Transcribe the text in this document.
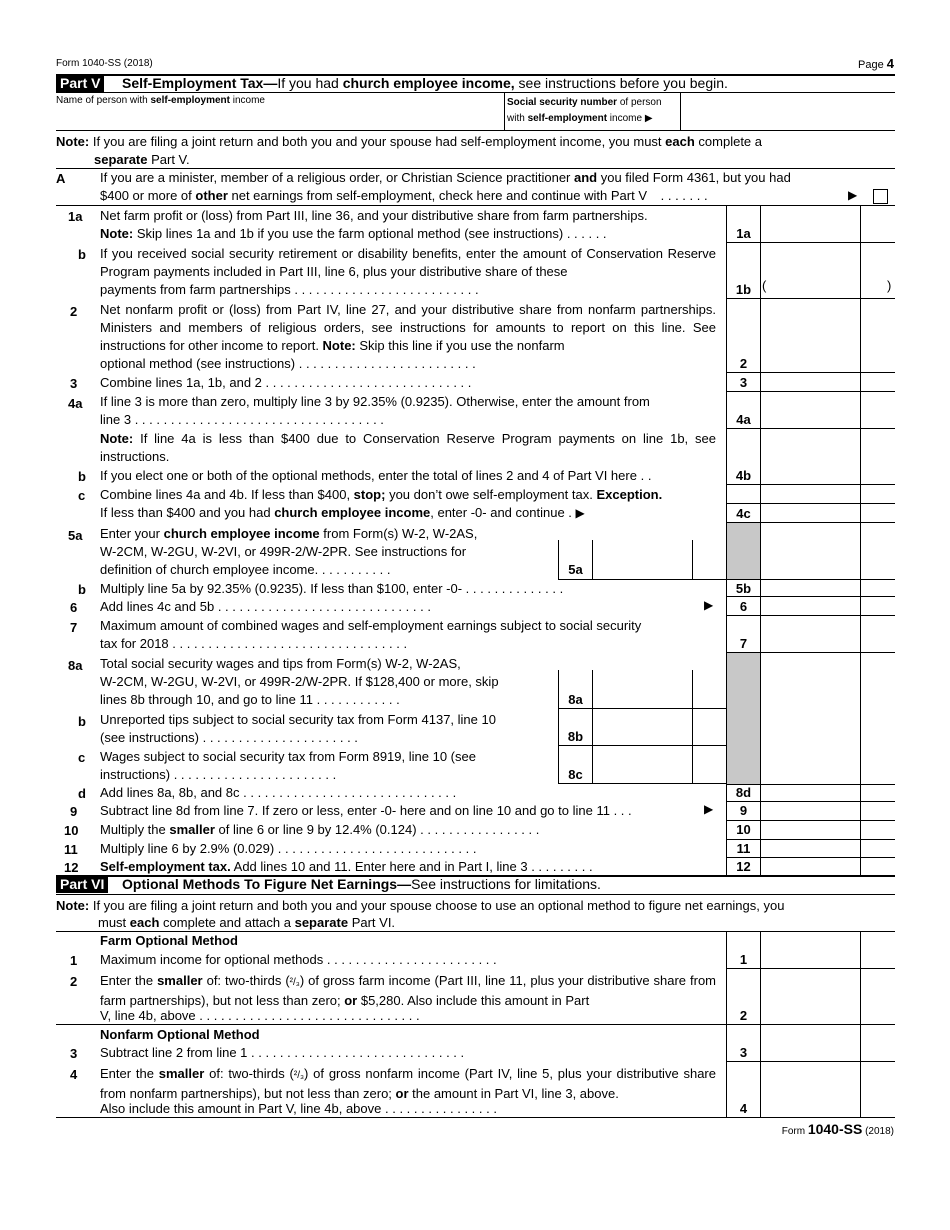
Form 1040-SS (2018)	Page 4
Part V Self-Employment Tax—If you had church employee income, see instructions before you begin.
Name of person with self-employment income	Social security number of person
with self-employment income ▶
Note: If you are filing a joint return and both you and your spouse had self-employment income, you must each complete a
separate Part V.
A	If you are a minister, member of a religious order, or Christian Science practitioner and you filed Form 4361, but you had
$400 or more of other net earnings from self-employment, check here and continue with Part V . . . . . . .	▶
1a Net farm profit or (loss) from Part III, line 36, and your distributive share from farm partnerships.
Note: Skip lines 1a and 1b if you use the farm optional method (see instructions) . . . . . .	1a
b If you received social security retirement or disability benefits, enter the amount of Conservation Reserve Program payments included in Part III, line 6, plus your distributive share of these
payments from farm partnerships . . . . . . . . . . . . . . . . . . . . . . . . . .	1b (	)
2 Net nonfarm profit or (loss) from Part IV, line 27, and your distributive share from nonfarm partnerships. Ministers and members of religious orders, see instructions for amounts to report on this line. See instructions for other income to report. Note: Skip this line if you use the nonfarm
optional method (see instructions) . . . . . . . . . . . . . . . . . . . . . . . . .	2
3 Combine lines 1a, 1b, and 2 . . . . . . . . . . . . . . . . . . . . . . . . . . . . .	3
4a If line 3 is more than zero, multiply line 3 by 92.35% (0.9235). Otherwise, enter the amount from
line 3 . . . . . . . . . . . . . . . . . . . . . . . . . . . . . . . . . . .	4a
Note: If line 4a is less than $400 due to Conservation Reserve Program payments on line 1b, see instructions.
b If you elect one or both of the optional methods, enter the total of lines 2 and 4 of Part VI here . .	4b
c Combine lines 4a and 4b. If less than $400, stop; you don’t owe self-employment tax. Exception.
If less than $400 and you had church employee income, enter -0- and continue . ▶	4c
5a Enter your church employee income from Form(s) W-2, W-2AS,
W-2CM, W-2GU, W-2VI, or 499R-2/W-2PR. See instructions for
definition of church employee income. . . . . . . . . . .	5a
b Multiply line 5a by 92.35% (0.9235). If less than $100, enter -0- . . . . . . . . . . . . . .	5b
6 Add lines 4c and 5b . . . . . . . . . . . . . . . . . . . . . . . . . . . . . .	▶	6
7 Maximum amount of combined wages and self-employment earnings subject to social security
tax for 2018 . . . . . . . . . . . . . . . . . . . . . . . . . . . . . . . . .	7
8a Total social security wages and tips from Form(s) W-2, W-2AS,
W-2CM, W-2GU, W-2VI, or 499R-2/W-2PR. If $128,400 or more, skip
lines 8b through 10, and go to line 11 . . . . . . . . . . . .	8a
b Unreported tips subject to social security tax from Form 4137, line 10
(see instructions) . . . . . . . . . . . . . . . . . . . . . .	8b
c Wages subject to social security tax from Form 8919, line 10 (see
instructions) . . . . . . . . . . . . . . . . . . . . . . .	8c
d Add lines 8a, 8b, and 8c . . . . . . . . . . . . . . . . . . . . . . . . . . . . . .	8d
9 Subtract line 8d from line 7. If zero or less, enter -0- here and on line 10 and go to line 11 . . .	▶	9
10 Multiply the smaller of line 6 or line 9 by 12.4% (0.124) . . . . . . . . . . . . . . . . .	10
11 Multiply line 6 by 2.9% (0.029) . . . . . . . . . . . . . . . . . . . . . . . . . . . .	11
12 Self-employment tax. Add lines 10 and 11. Enter here and in Part I, line 3 . . . . . . . . .	12
Part VI Optional Methods To Figure Net Earnings—See instructions for limitations.
Note: If you are filing a joint return and both you and your spouse choose to use an optional method to figure net earnings, you
must each complete and attach a separate Part VI.
Farm Optional Method
1 Maximum income for optional methods . . . . . . . . . . . . . . . . . . . . . . . .	1
2 Enter the smaller of: two-thirds (²/₃) of gross farm income (Part III, line 11, plus your distributive share from farm partnerships), but not less than zero; or $5,280. Also include this amount in Part
V, line 4b, above . . . . . . . . . . . . . . . . . . . . . . . . . . . . . . .	2
Nonfarm Optional Method
3 Subtract line 2 from line 1 . . . . . . . . . . . . . . . . . . . . . . . . . . . . . .	3
4 Enter the smaller of: two-thirds (²/₃) of gross nonfarm income (Part IV, line 5, plus your distributive share from nonfarm partnerships), but not less than zero; or the amount in Part VI, line 3, above.
Also include this amount in Part V, line 4b, above . . . . . . . . . . . . . . . .	4
Form 1040-SS (2018)
